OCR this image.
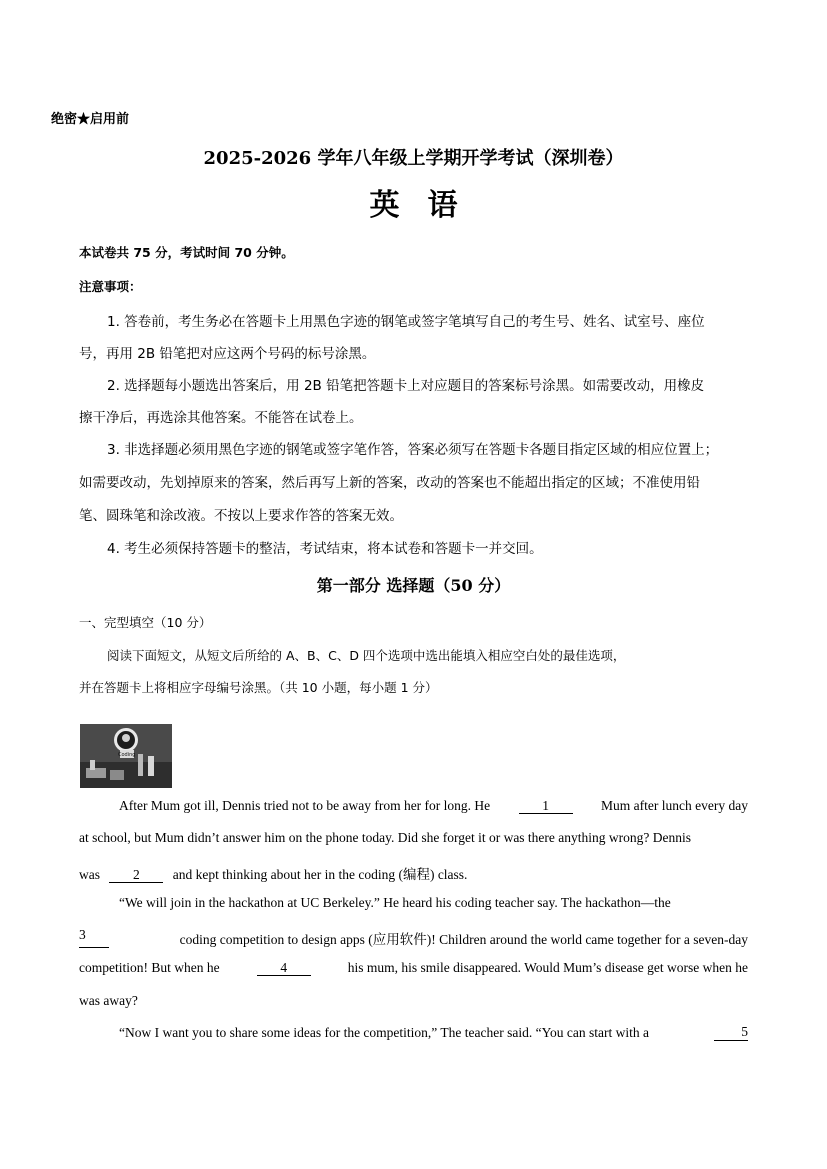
绝密★启用前
2025-2026 学年八年级上学期开学考试（深圳卷）
英语
本试卷共 75 分，考试时间 70 分钟。
注意事项：
1. 答卷前，考生务必在答题卡上用黑色字迹的钢笔或签字笔填写自己的考生号、姓名、试室号、座位
号，再用 2B 铅笔把对应这两个号码的标号涂黑。
2. 选择题每小题选出答案后，用 2B 铅笔把答题卡上对应题目的答案标号涂黑。如需要改动，用橡皮
擦干净后，再选涂其他答案。不能答在试卷上。
3. 非选择题必须用黑色字迹的钢笔或签字笔作答，答案必须写在答题卡各题目指定区域的相应位置上；
如需要改动，先划掉原来的答案，然后再写上新的答案，改动的答案也不能超出指定的区域；不准使用铅
笔、圆珠笔和涂改液。不按以上要求作答的答案无效。
4. 考生必须保持答题卡的整洁，考试结束，将本试卷和答题卡一并交回。
第一部分 选择题（50 分）
一、完型填空（10 分）
阅读下面短文，从短文后所给的 A、B、C、D 四个选项中选出能填入相应空白处的最佳选项，
并在答题卡上将相应字母编号涂黑。（共 10 小题，每小题 1 分）
Coding
After Mum got ill, Dennis tried not to be away from her for long. He	1	Mum after lunch every day
at school, but Mum didn’t answer him on the phone today. Did she forget it or was there anything wrong? Dennis
was 2 and kept thinking about her in the coding (编程) class.
“We will join in the hackathon at UC Berkeley.” He heard his coding teacher say. The hackathon—the
3	coding competition to design apps (应用软件)! Children around the world came together for a seven-day
competition! But when he	4	his mum, his smile disappeared. Would Mum’s disease get worse when he
was away?
“Now I want you to share some ideas for the competition,” The teacher said. “You can start with a	5
